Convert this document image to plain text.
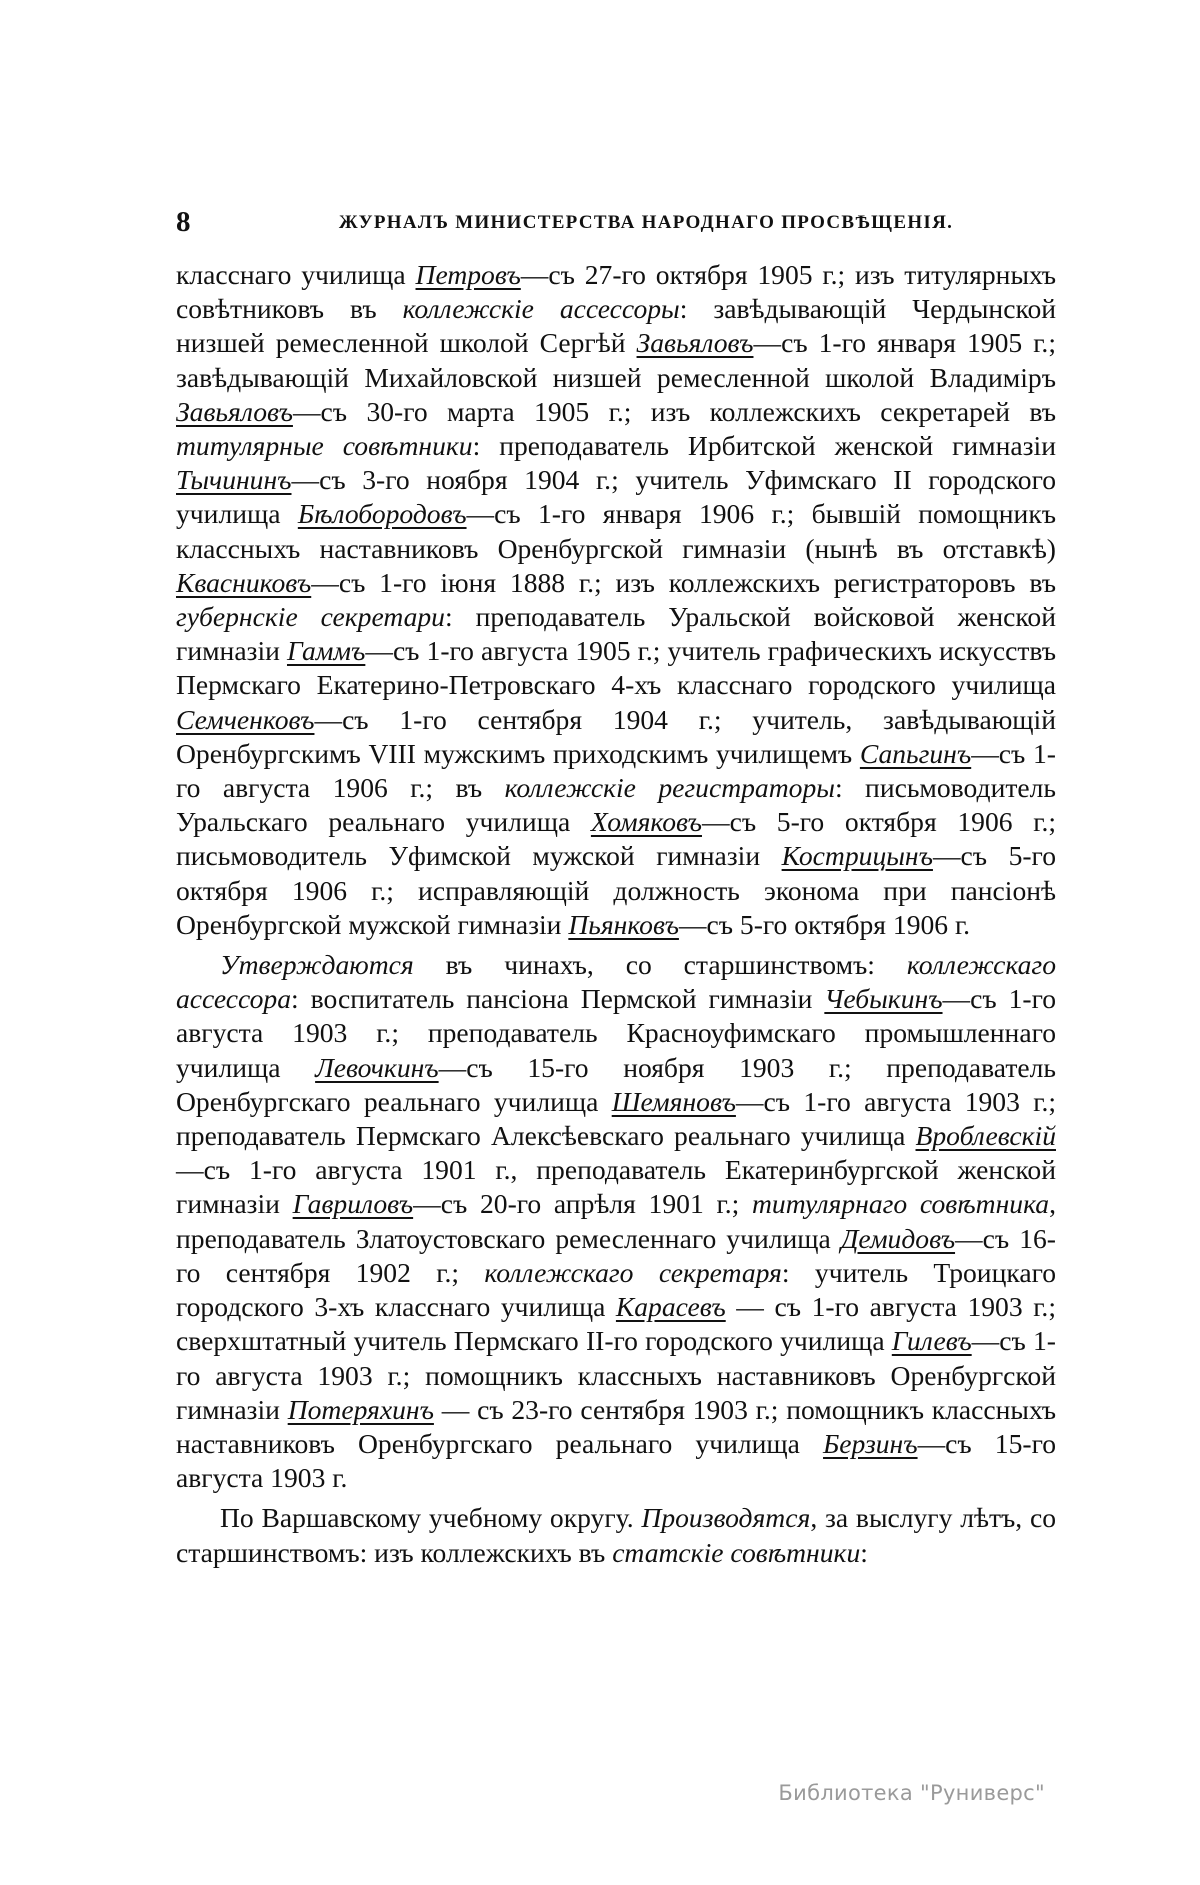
8	ЖУРНАЛЪ МИНИСТЕРСТВА НАРОДНАГО ПРОСВѢЩЕНІЯ.

класснаго училища Петровъ—съ 27-го октября 1905 г.; изъ титулярныхъ совѣтниковъ въ коллежскіе ассессоры: завѣдывающій Чердынской низшей ремесленной школой Сергѣй Завьяловъ—съ 1-го января 1905 г.; завѣдывающій Михайловской низшей ремесленной школой Владиміръ Завьяловъ—съ 30-го марта 1905 г.; изъ коллежскихъ секретарей въ титулярные совѣтники: преподаватель Ирбитской женской гимназіи Тычининъ—съ 3-го ноября 1904 г.; учитель Уфимскаго II городского училища Бѣлобородовъ—съ 1-го января 1906 г.; бывшій помощникъ классныхъ наставниковъ Оренбургской гимназіи (нынѣ въ отставкѣ) Квасниковъ—съ 1-го іюня 1888 г.; изъ коллежскихъ регистраторовъ въ губернскіе секретари: преподаватель Уральской войсковой женской гимназіи Гаммъ—съ 1-го августа 1905 г.; учитель графическихъ искусствъ Пермскаго Екатерино-Петровскаго 4-хъ класснаго городского училища Семченковъ—съ 1-го сентября 1904 г.; учитель, завѣдывающій Оренбургскимъ VIII мужскимъ приходскимъ училищемъ Сапьгинъ—съ 1-го августа 1906 г.; въ коллежскіе регистраторы: письмоводитель Уральскаго реальнаго училища Хомяковъ—съ 5-го октября 1906 г.; письмоводитель Уфимской мужской гимназіи Кострицынъ—съ 5-го октября 1906 г.; исправляющій должность эконома при пансіонѣ Оренбургской мужской гимназіи Пьянковъ—съ 5-го октября 1906 г.

Утверждаются въ чинахъ, со старшинствомъ: коллежскаго ассессора: воспитатель пансіона Пермской гимназіи Чебыкинъ—съ 1-го августа 1903 г.; преподаватель Красноуфимскаго промышленнаго училища Левочкинъ—съ 15-го ноября 1903 г.; преподаватель Оренбургскаго реальнаго училища Шемяновъ—съ 1-го августа 1903 г.; преподаватель Пермскаго Алексѣевскаго реальнаго училища Вроблевскій—съ 1-го августа 1901 г., преподаватель Екатеринбургской женской гимназіи Гавриловъ—съ 20-го апрѣля 1901 г.; титулярнаго совѣтника, преподаватель Златоустовскаго ремесленнаго училища Демидовъ—съ 16-го сентября 1902 г.; коллежскаго секретаря: учитель Троицкаго городского 3-хъ класснаго училища Карасевъ — съ 1-го августа 1903 г.; сверхштатный учитель Пермскаго II-го городского училища Гилевъ—съ 1-го августа 1903 г.; помощникъ классныхъ наставниковъ Оренбургской гимназіи Потеряхинъ — съ 23-го сентября 1903 г.; помощникъ классныхъ наставниковъ Оренбургскаго реальнаго училища Берзинъ—съ 15-го августа 1903 г.

По Варшавскому учебному округу. Производятся, за выслугу лѣтъ, со старшинствомъ: изъ коллежскихъ въ статскіе совѣтники:

Библиотека "Руниверс"
